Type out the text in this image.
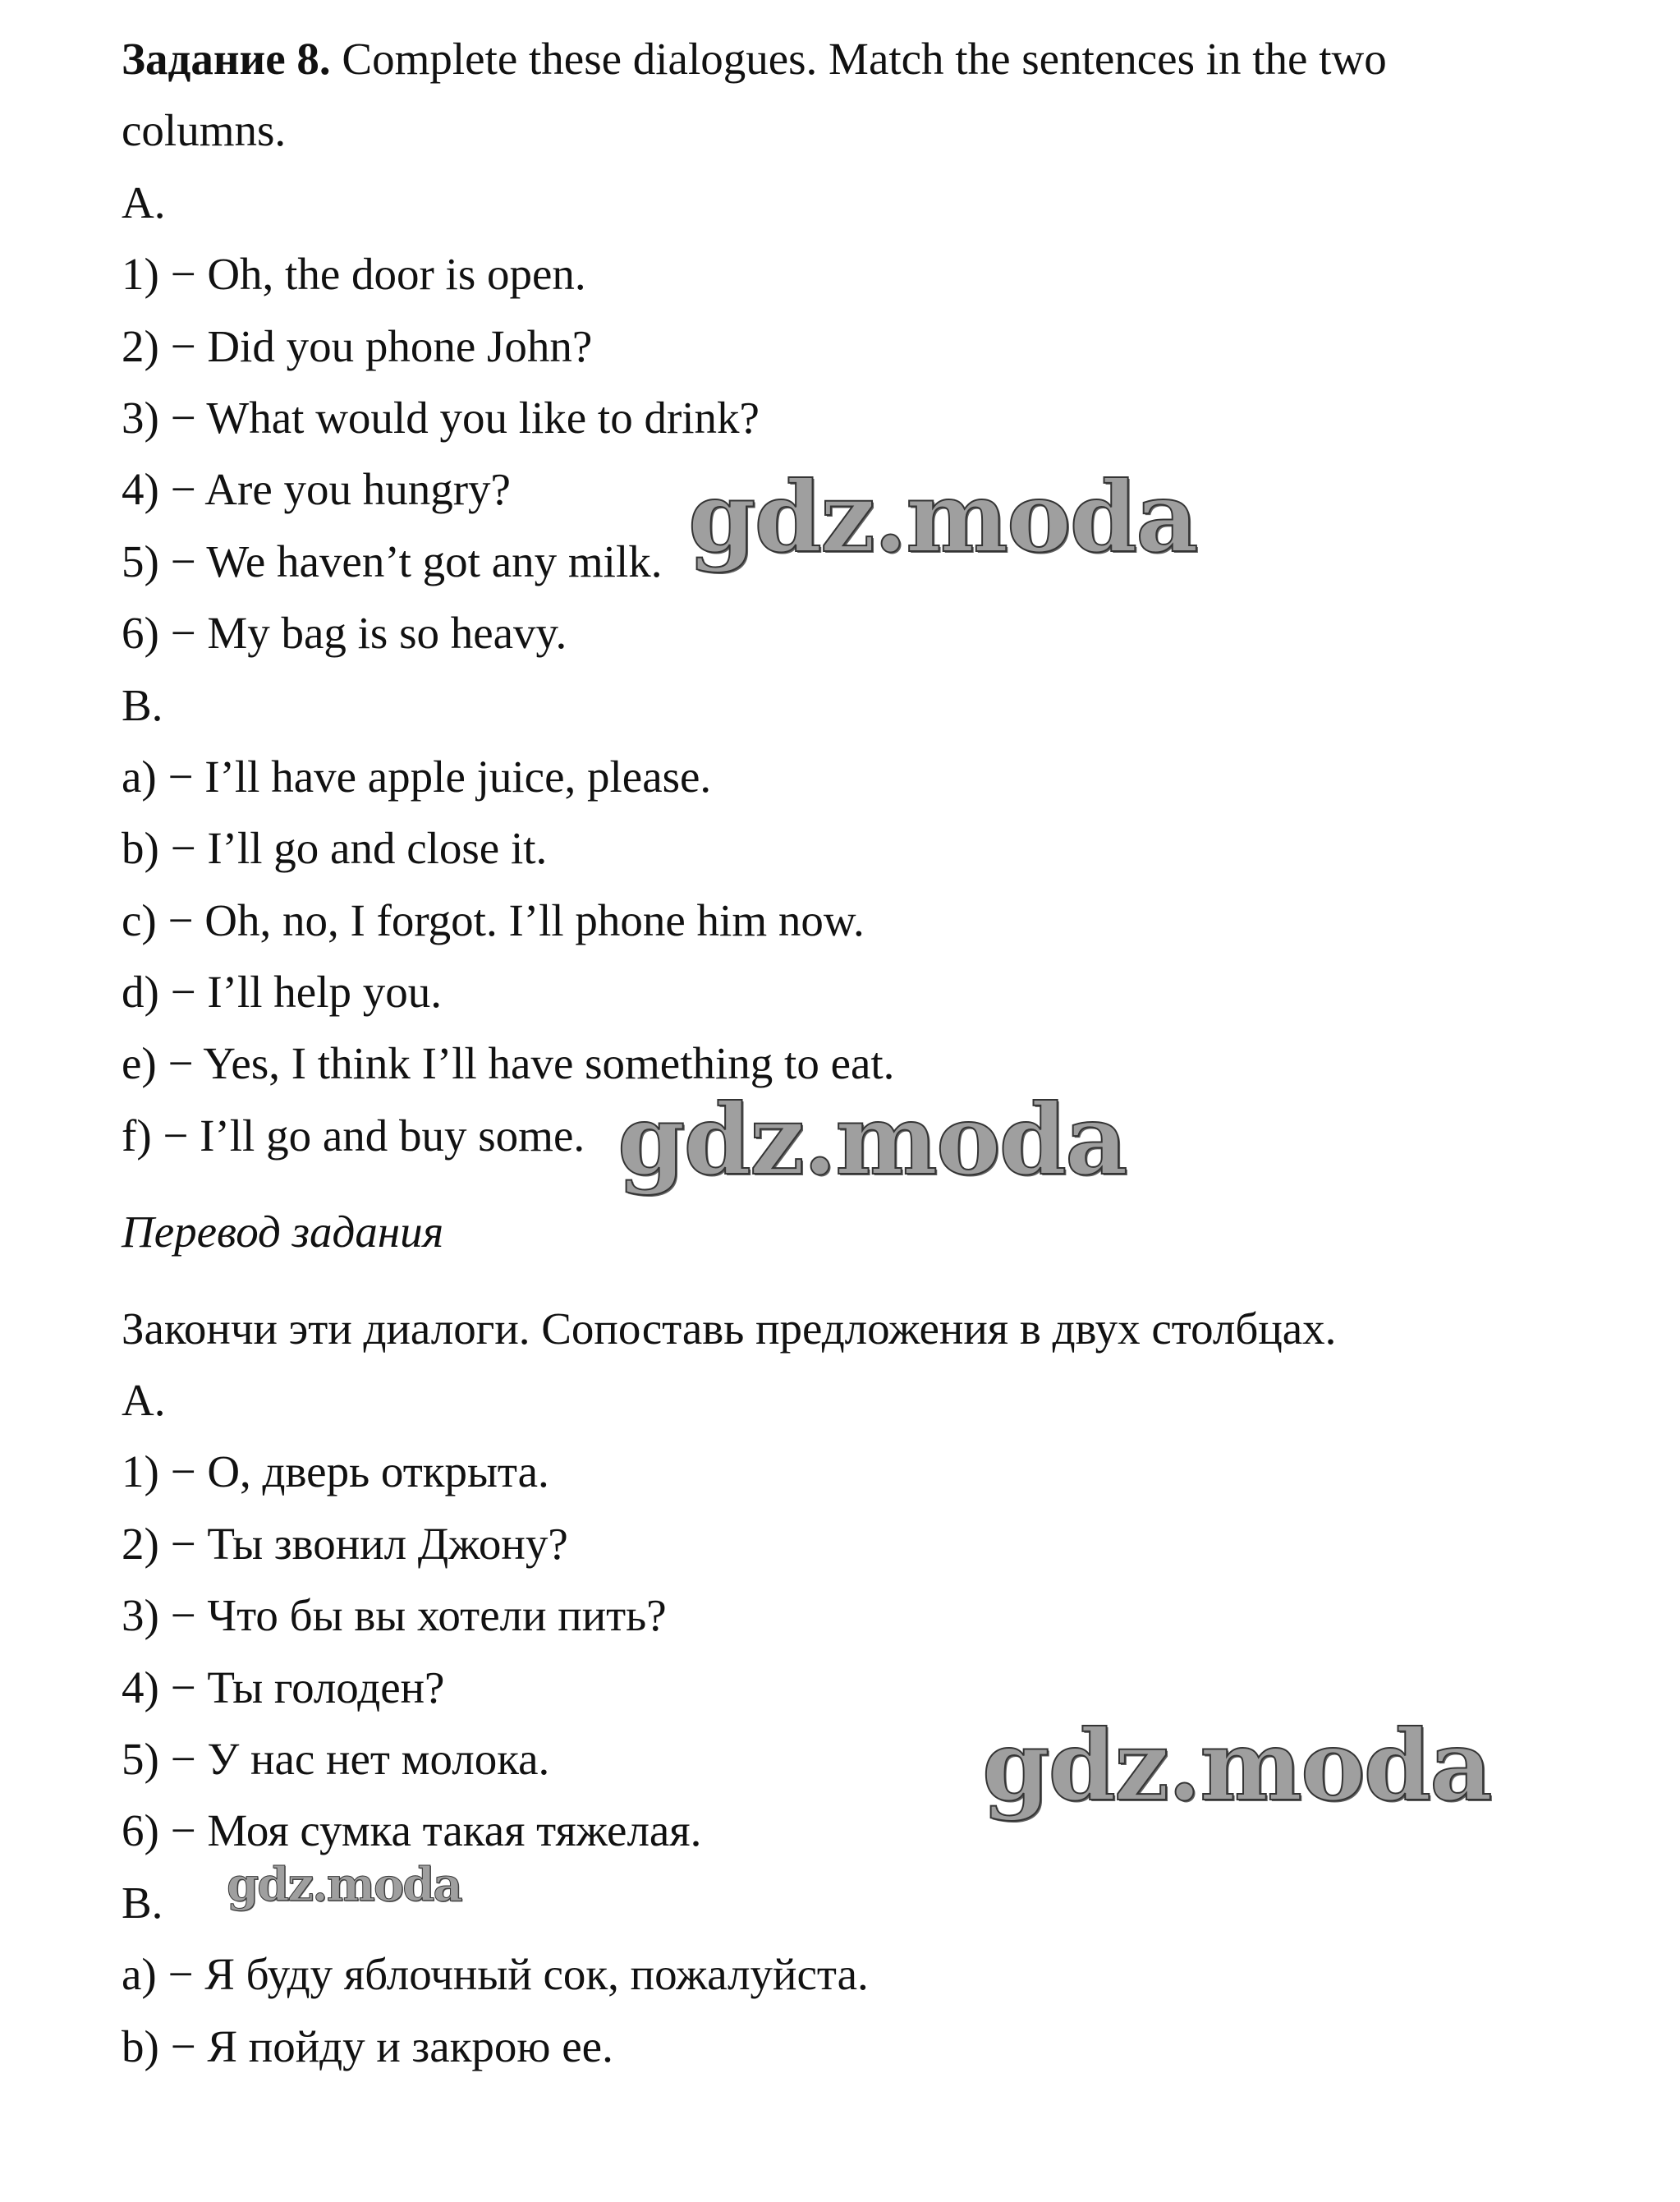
Задание 8. Complete these dialogues. Match the sentences in the two
columns.
A.
1) − Oh, the door is open.
2) − Did you phone John?
3) − What would you like to drink?
4) − Are you hungry?
5) − We haven’t got any milk.
6) − My bag is so heavy.
B.
a) − I’ll have apple juice, please.
b) − I’ll go and close it.
c) − Oh, no, I forgot. I’ll phone him now.
d) − I’ll help you.
e) − Yes, I think I’ll have something to eat.
f) − I’ll go and buy some.
Перевод задания
Закончи эти диалоги. Сопоставь предложения в двух столбцах.
A.
1) − О, дверь открыта.
2) − Ты звонил Джону?
3) − Что бы вы хотели пить?
4) − Ты голоден?
5) − У нас нет молока.
6) − Моя сумка такая тяжелая.
B.
a) − Я буду яблочный сок, пожалуйста.
b) − Я пойду и закрою ее.
gdz.moda
gdz.moda
gdz.moda
gdz.moda
